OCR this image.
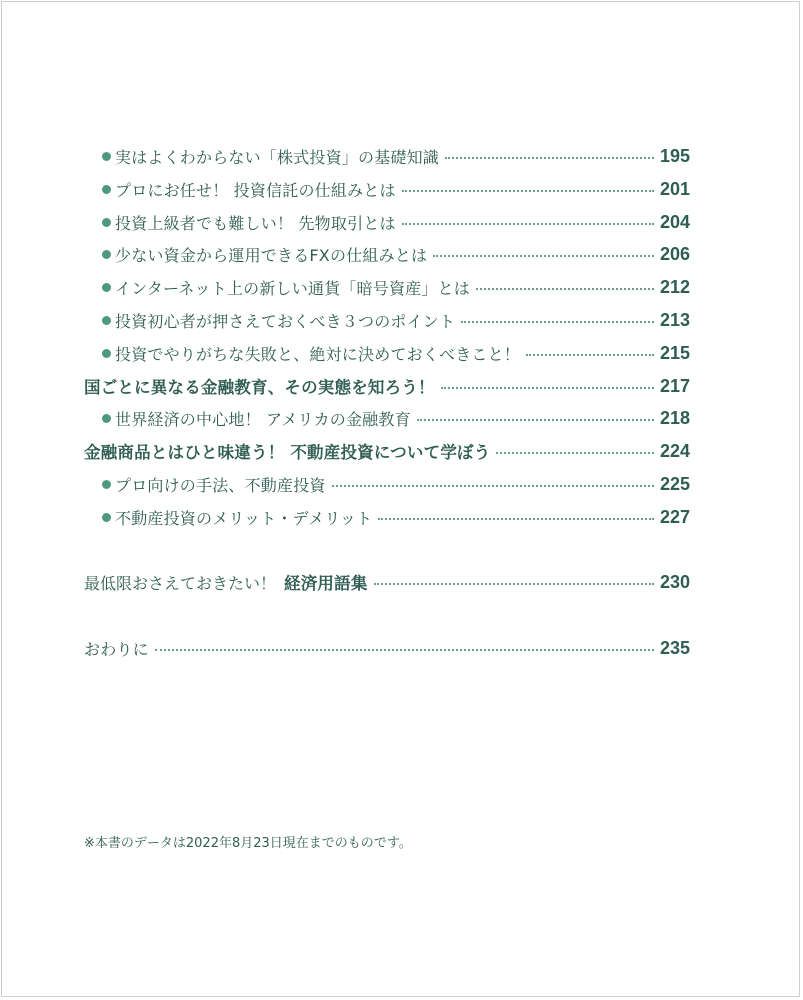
実はよくわからない「株式投資」の基礎知識	195
プロにお任せ！ 投資信託の仕組みとは	201
投資上級者でも難しい！ 先物取引とは	204
少ない資金から運用できるFXの仕組みとは	206
インターネット上の新しい通貨「暗号資産」とは	212
投資初心者が押さえておくべき３つのポイント	213
投資でやりがちな失敗と、絶対に決めておくべきこと！	215
国ごとに異なる金融教育、その実態を知ろう！	217
世界経済の中心地！ アメリカの金融教育	218
金融商品とはひと味違う！ 不動産投資について学ぼう	224
プロ向けの手法、不動産投資	225
不動産投資のメリット・デメリット	227
最低限おさえておきたい！ 経済用語集	230
おわりに	235
※本書のデータは2022年8月23日現在までのものです。
